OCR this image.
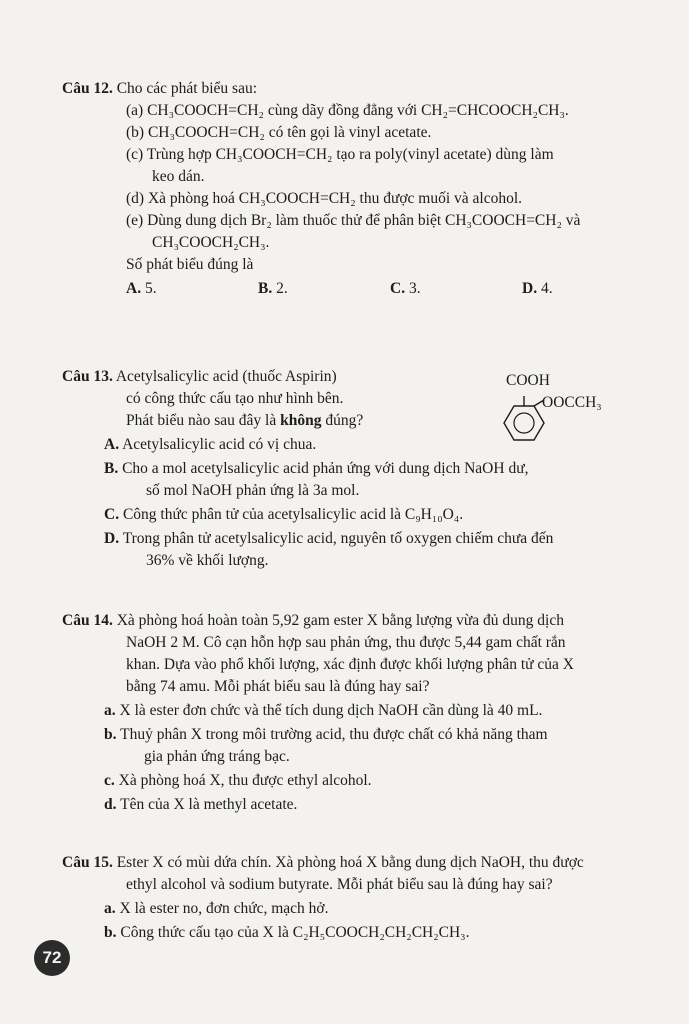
Câu 12. Cho các phát biểu sau:
(a) CH₃COOCH=CH₂ cùng dãy đồng đẳng với CH₂=CHCOOCH₂CH₃.
(b) CH₃COOCH=CH₂ có tên gọi là vinyl acetate.
(c) Trùng hợp CH₃COOCH=CH₂ tạo ra poly(vinyl acetate) dùng làm
keo dán.
(d) Xà phòng hoá CH₃COOCH=CH₂ thu được muối và alcohol.
(e) Dùng dung dịch Br₂ làm thuốc thử để phân biệt CH₃COOCH=CH₂ và
CH₃COOCH₂CH₃.
Số phát biểu đúng là
A. 5.	B. 2.	C. 3.	D. 4.
Câu 13. Acetylsalicylic acid (thuốc Aspirin)
có công thức cấu tạo như hình bên.
Phát biểu nào sau đây là không đúng?
A. Acetylsalicylic acid có vị chua.
B. Cho a mol acetylsalicylic acid phản ứng với dung dịch NaOH dư,
số mol NaOH phản ứng là 3a mol.
C. Công thức phân tử của acetylsalicylic acid là C₉H₁₀O₄.
D. Trong phân tử acetylsalicylic acid, nguyên tố oxygen chiếm chưa đến
36% về khối lượng.
COOH
OOCCH₃
Câu 14. Xà phòng hoá hoàn toàn 5,92 gam ester X bằng lượng vừa đủ dung dịch
NaOH 2 M. Cô cạn hỗn hợp sau phản ứng, thu được 5,44 gam chất rắn
khan. Dựa vào phổ khối lượng, xác định được khối lượng phân tử của X
bằng 74 amu. Mỗi phát biểu sau là đúng hay sai?
a. X là ester đơn chức và thể tích dung dịch NaOH cần dùng là 40 mL.
b. Thuỷ phân X trong môi trường acid, thu được chất có khả năng tham
gia phản ứng tráng bạc.
c. Xà phòng hoá X, thu được ethyl alcohol.
d. Tên của X là methyl acetate.
Câu 15. Ester X có mùi dứa chín. Xà phòng hoá X bằng dung dịch NaOH, thu được
ethyl alcohol và sodium butyrate. Mỗi phát biểu sau là đúng hay sai?
a. X là ester no, đơn chức, mạch hở.
b. Công thức cấu tạo của X là C₂H₅COOCH₂CH₂CH₂CH₃.
72
